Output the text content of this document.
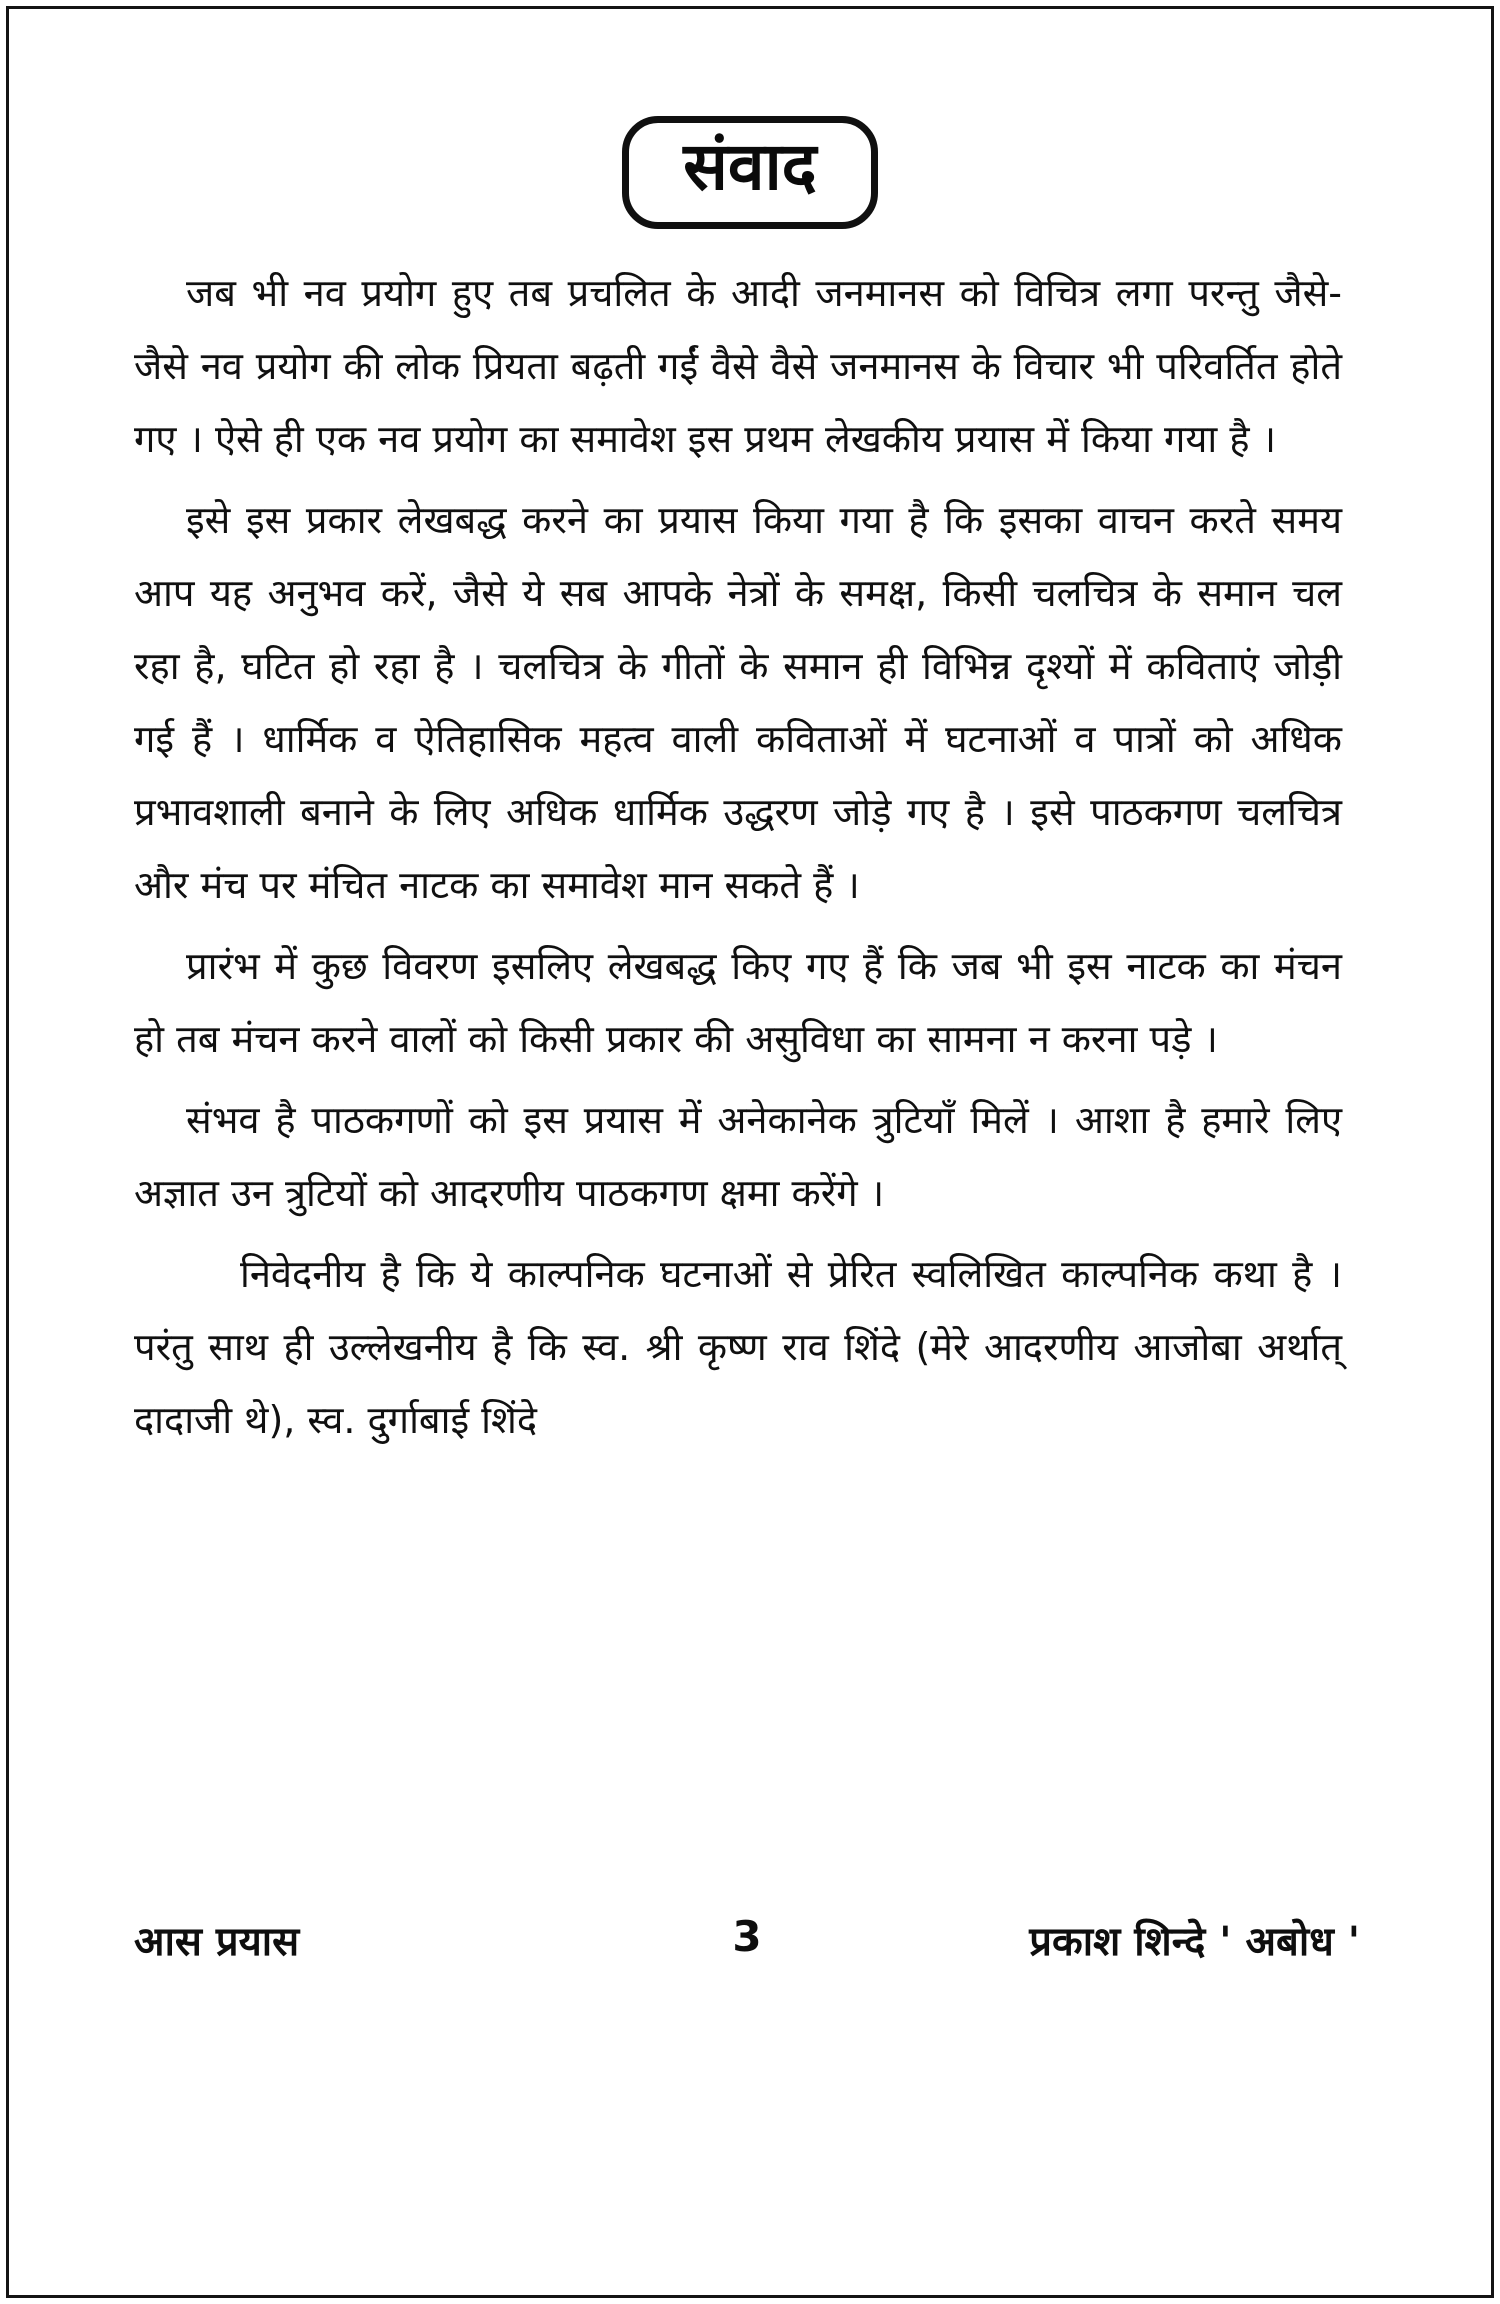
संवाद

जब भी नव प्रयोग हुए तब प्रचलित के आदी जनमानस को विचित्र लगा परन्तु जैसे-जैसे नव प्रयोग की लोक प्रियता बढ़ती गईं वैसे वैसे जनमानस के विचार भी परिवर्तित होते गए । ऐसे ही एक नव प्रयोग का समावेश इस प्रथम लेखकीय प्रयास में किया गया है ।

इसे इस प्रकार लेखबद्ध करने का प्रयास किया गया है कि इसका वाचन करते समय आप यह अनुभव करें, जैसे ये सब आपके नेत्रों के समक्ष, किसी चलचित्र के समान चल रहा है, घटित हो रहा है । चलचित्र के गीतों के समान ही विभिन्न दृश्यों में कविताएं जोड़ी गई हैं । धार्मिक व ऐतिहासिक महत्व वाली कविताओं में घटनाओं व पात्रों को अधिक प्रभावशाली बनाने के लिए अधिक धार्मिक उद्धरण जोड़े गए है । इसे पाठकगण चलचित्र और मंच पर मंचित नाटक का समावेश मान सकते हैं ।

प्रारंभ में कुछ विवरण इसलिए लेखबद्ध किए गए हैं कि जब भी इस नाटक का मंचन हो तब मंचन करने वालों को किसी प्रकार की असुविधा का सामना न करना पड़े ।

संभव है पाठकगणों को इस प्रयास में अनेकानेक त्रुटियाँ मिलें । आशा है हमारे लिए अज्ञात उन त्रुटियों को आदरणीय पाठकगण क्षमा करेंगे ।

निवेदनीय है कि ये काल्पनिक घटनाओं से प्रेरित स्वलिखित काल्पनिक कथा है । परंतु साथ ही उल्लेखनीय है कि स्व. श्री कृष्ण राव शिंदे (मेरे आदरणीय आजोबा अर्थात् दादाजी थे), स्व. दुर्गाबाई शिंदे

आस प्रयास	3	प्रकाश शिन्दे ' अबोध '
